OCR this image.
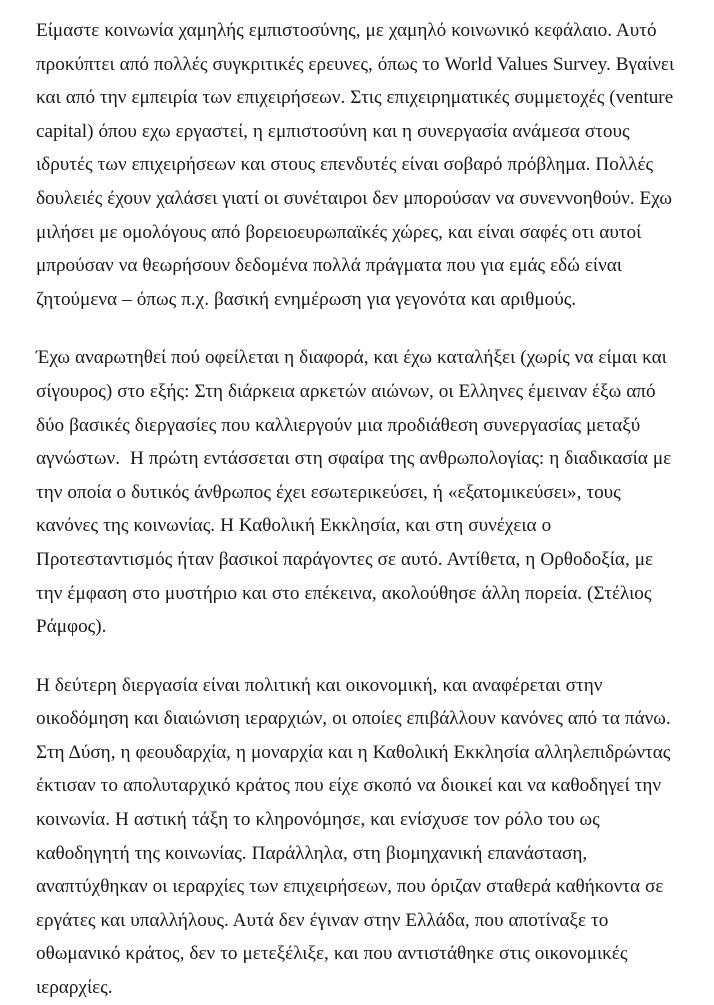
Είμαστε κοινωνία χαμηλής εμπιστοσύνης, με χαμηλό κοινωνικό κεφάλαιο. Αυτό προκύπτει από πολλές συγκριτικές ερευνες, όπως το World Values Survey. Βγαίνει και από την εμπειρία των επιχειρήσεων. Στις επιχειρηματικές συμμετοχές (venture capital) όπου εχω εργαστεί, η εμπιστοσύνη και η συνεργασία ανάμεσα στους ιδρυτές των επιχειρήσεων και στους επενδυτές είναι σοβαρό πρόβλημα. Πολλές δουλειές έχουν χαλάσει γιατί οι συνέταιροι δεν μπορούσαν να συνεννοηθούν. Εχω μιλήσει με ομολόγους από βορειοευρωπαϊκές χώρες, και είναι σαφές οτι αυτοί μπρούσαν να θεωρήσουν δεδομένα πολλά πράγματα που για εμάς εδώ είναι ζητούμενα – όπως π.χ. βασική ενημέρωση για γεγονότα και αριθμούς.

Έχω αναρωτηθεί πού οφείλεται η διαφορά, και έχω καταλήξει (χωρίς να είμαι και σίγουρος) στο εξής: Στη διάρκεια αρκετών αιώνων, οι Ελληνες έμειναν έξω από δύο βασικές διεργασίες που καλλιεργούν μια προδιάθεση συνεργασίας μεταξύ αγνώστων.  Η πρώτη εντάσσεται στη σφαίρα της ανθρωπολογίας: η διαδικασία με την οποία ο δυτικός άνθρωπος έχει εσωτερικεύσει, ή «εξατομικεύσει», τους κανόνες της κοινωνίας. Η Καθολική Εκκλησία, και στη συνέχεια ο Προτεσταντισμός ήταν βασικοί παράγοντες σε αυτό. Αντίθετα, η Ορθοδοξία, με την έμφαση στο μυστήριο και στο επέκεινα, ακολούθησε άλλη πορεία. (Στέλιος Ράμφος).

Η δεύτερη διεργασία είναι πολιτική και οικονομική, και αναφέρεται στην οικοδόμηση και διαιώνιση ιεραρχιών, οι οποίες επιβάλλουν κανόνες από τα πάνω. Στη Δύση, η φεουδαρχία, η μοναρχία και η Καθολική Εκκλησία αλληλεπιδρώντας έκτισαν το απολυταρχικό κράτος που είχε σκοπό να διοικεί και να καθοδηγεί την κοινωνία. Η αστική τάξη το κληρονόμησε, και ενίσχυσε τον ρόλο του ως καθοδηγητή της κοινωνίας. Παράλληλα, στη βιομηχανική επανάσταση, αναπτύχθηκαν οι ιεραρχίες των επιχειρήσεων, που όριζαν σταθερά καθήκοντα σε εργάτες και υπαλλήλους. Αυτά δεν έγιναν στην Ελλάδα, που αποτίναξε το οθωμανικό κράτος, δεν το μετεξέλιξε, και που αντιστάθηκε στις οικονομικές ιεραρχίες.
